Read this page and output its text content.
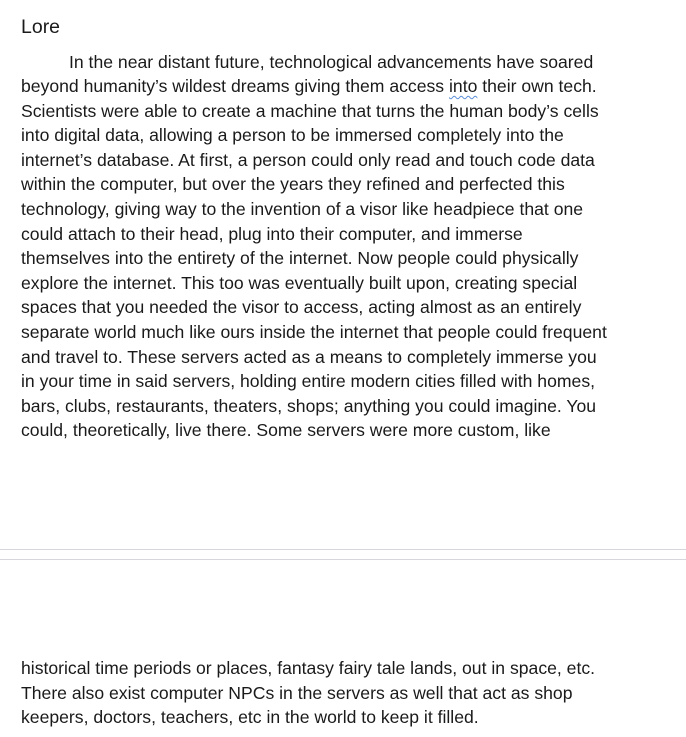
Lore
In the near distant future, technological advancements have soared
beyond humanity’s wildest dreams giving them access into their own tech.
Scientists were able to create a machine that turns the human body’s cells
into digital data, allowing a person to be immersed completely into the
internet’s database. At first, a person could only read and touch code data
within the computer, but over the years they refined and perfected this
technology, giving way to the invention of a visor like headpiece that one
could attach to their head, plug into their computer, and immerse
themselves into the entirety of the internet. Now people could physically
explore the internet. This too was eventually built upon, creating special
spaces that you needed the visor to access, acting almost as an entirely
separate world much like ours inside the internet that people could frequent
and travel to. These servers acted as a means to completely immerse you
in your time in said servers, holding entire modern cities filled with homes,
bars, clubs, restaurants, theaters, shops; anything you could imagine. You
could, theoretically, live there. Some servers were more custom, like
historical time periods or places, fantasy fairy tale lands, out in space, etc.
There also exist computer NPCs in the servers as well that act as shop
keepers, doctors, teachers, etc in the world to keep it filled.
